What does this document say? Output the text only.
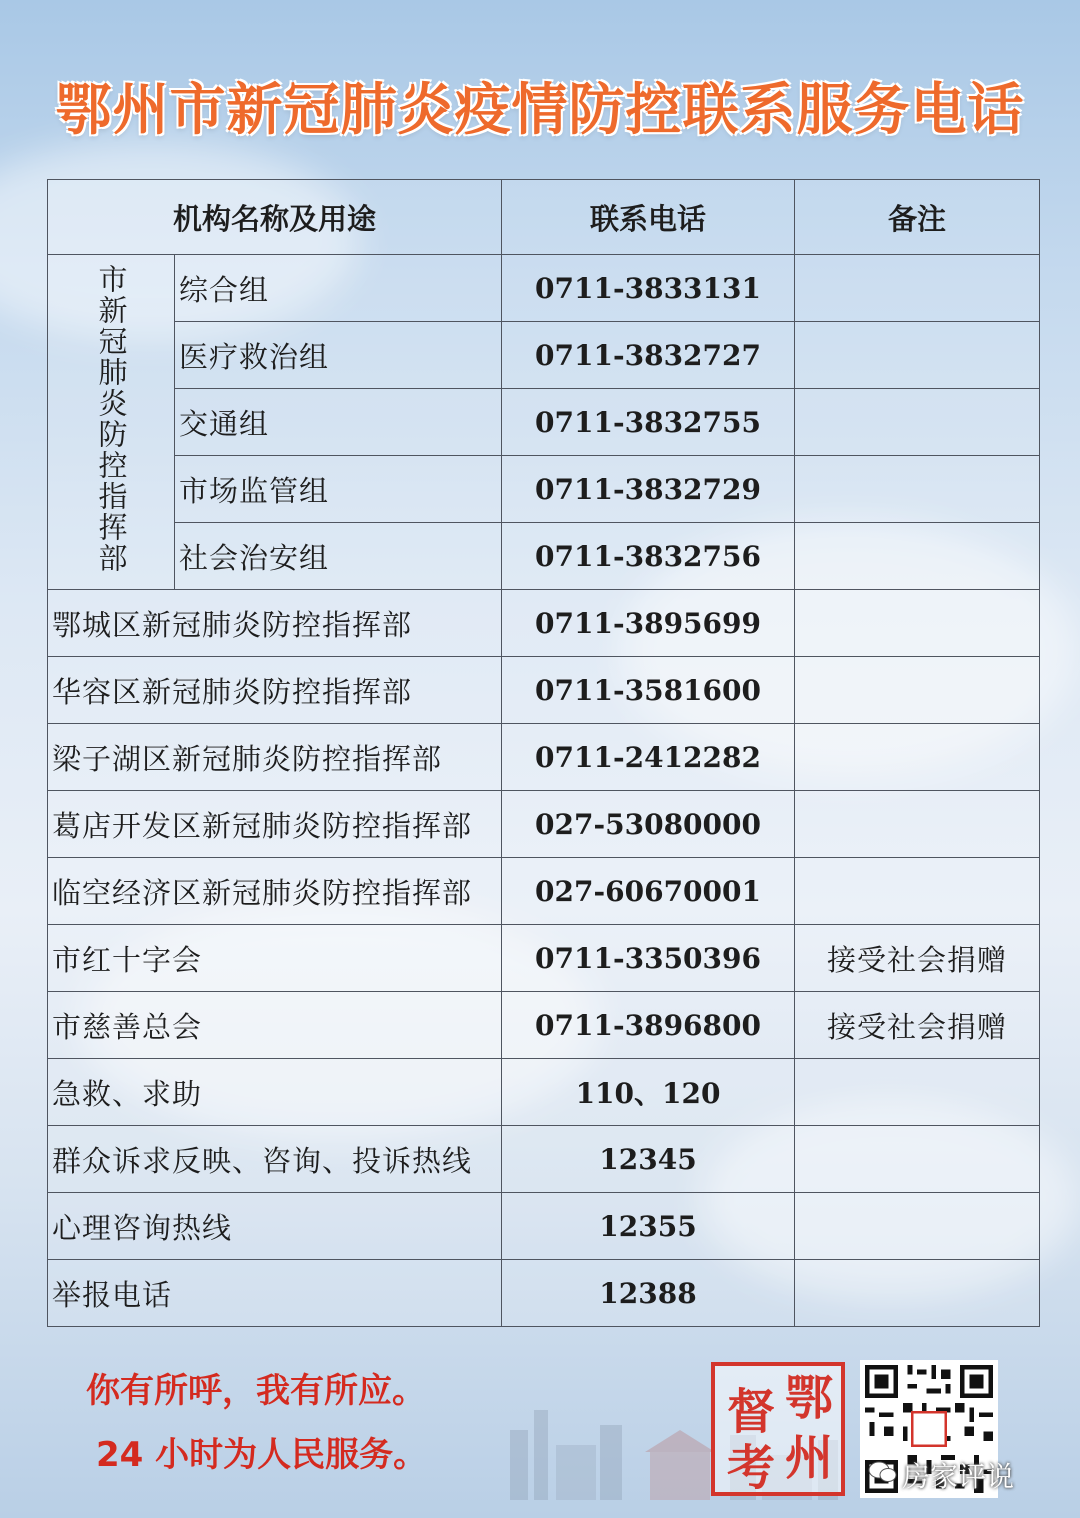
鄂州市新冠肺炎疫情防控联系服务电话
机构名称及用途		联系电话	备注
市新冠肺炎防控指挥部	综合组	0711-3833131	
	医疗救治组	0711-3832727	
	交通组	0711-3832755	
	市场监管组	0711-3832729	
	社会治安组	0711-3832756	
鄂城区新冠肺炎防控指挥部		0711-3895699	
华容区新冠肺炎防控指挥部		0711-3581600	
梁子湖区新冠肺炎防控指挥部		0711-2412282	
葛店开发区新冠肺炎防控指挥部		027-53080000	
临空经济区新冠肺炎防控指挥部		027-60670001	
市红十字会		0711-3350396	接受社会捐赠
市慈善总会		0711-3896800	接受社会捐赠
急救、求助		110、120	
群众诉求反映、咨询、投诉热线		12345	
心理咨询热线		12355	
举报电话		12388	
你有所呼，我有所应。
24 小时为人民服务。
鄂
州
督
考	房家评说
